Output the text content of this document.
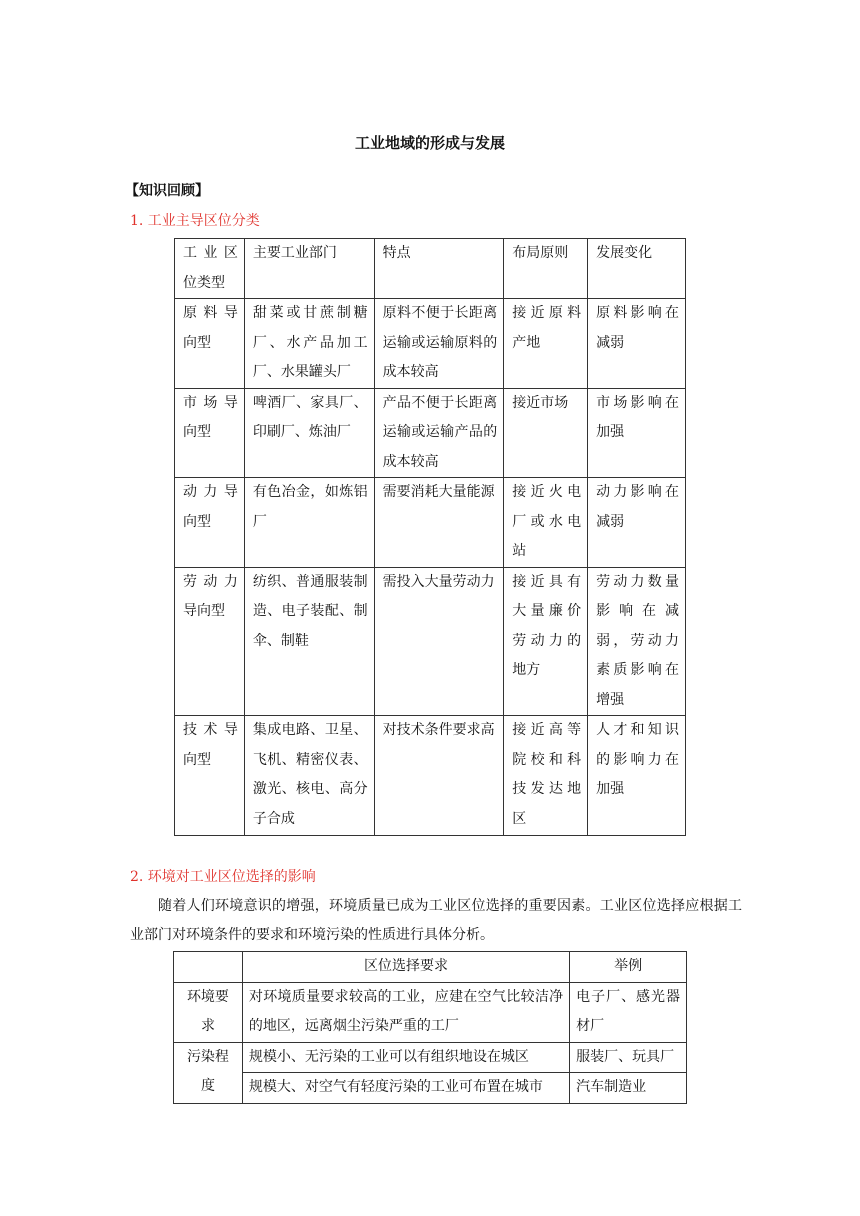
工业地域的形成与发展
【知识回顾】
1. 工业主导区位分类
工业区位类型	主要工业部门	特点	布局原则	发展变化
原料导向型	甜菜或甘蔗制糖厂、水产品加工厂、水果罐头厂	原料不便于长距离运输或运输原料的成本较高	接近原料产地	原料影响在减弱
市场导向型	啤酒厂、家具厂、印刷厂、炼油厂	产品不便于长距离运输或运输产品的成本较高	接近市场	市场影响在加强
动力导向型	有色冶金，如炼铝厂	需要消耗大量能源	接近火电厂或水电站	动力影响在减弱
劳动力导向型	纺织、普通服装制造、电子装配、制伞、制鞋	需投入大量劳动力	接近具有大量廉价劳动力的地方	劳动力数量影响在减弱，劳动力素质影响在增强
技术导向型	集成电路、卫星、飞机、精密仪表、激光、核电、高分子合成	对技术条件要求高	接近高等院校和科技发达地区	人才和知识的影响力在加强
2. 环境对工业区位选择的影响
随着人们环境意识的增强，环境质量已成为工业区位选择的重要因素。工业区位选择应根据工业部门对环境条件的要求和环境污染的性质进行具体分析。
	区位选择要求	举例
环境要求	对环境质量要求较高的工业，应建在空气比较洁净的地区，远离烟尘污染严重的工厂	电子厂、感光器材厂
污染程度	规模小、无污染的工业可以有组织地设在城区	服装厂、玩具厂
	规模大、对空气有轻度污染的工业可布置在城市	汽车制造业
